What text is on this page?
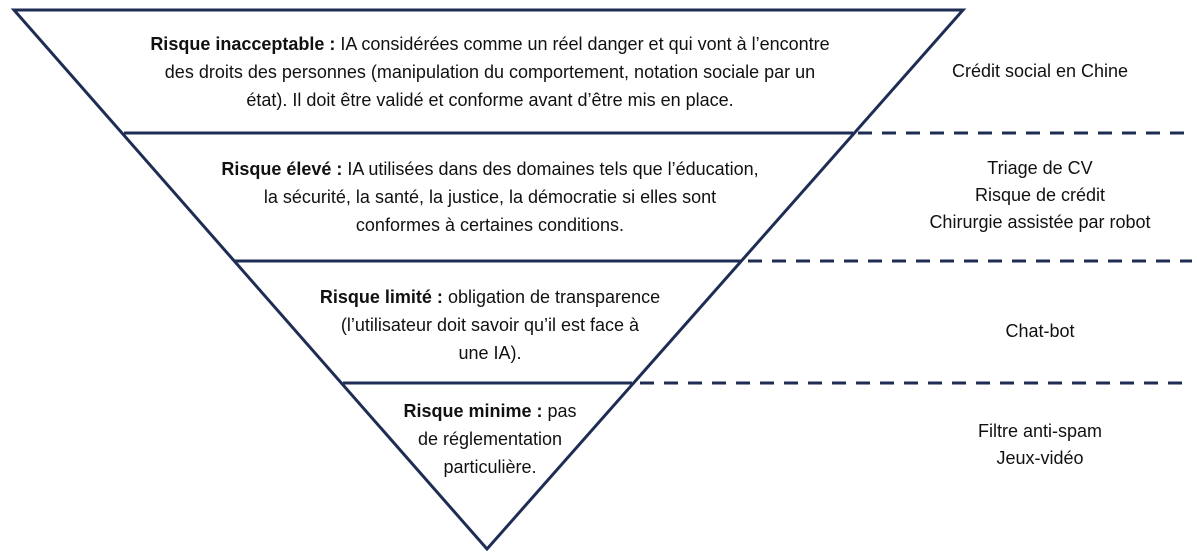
Risque inacceptable : IA considérées comme un réel danger et qui vont à l’encontre
des droits des personnes (manipulation du comportement, notation sociale par un
état). Il doit être validé et conforme avant d’être mis en place.
Risque élevé : IA utilisées dans des domaines tels que l’éducation,
la sécurité, la santé, la justice, la démocratie si elles sont
conformes à certaines conditions.
Risque limité : obligation de transparence
(l’utilisateur doit savoir qu’il est face à
une IA).
Risque minime : pas
de réglementation
particulière.
Crédit social en Chine
Triage de CV
Risque de crédit
Chirurgie assistée par robot
Chat-bot
Filtre anti-spam
Jeux-vidéo
